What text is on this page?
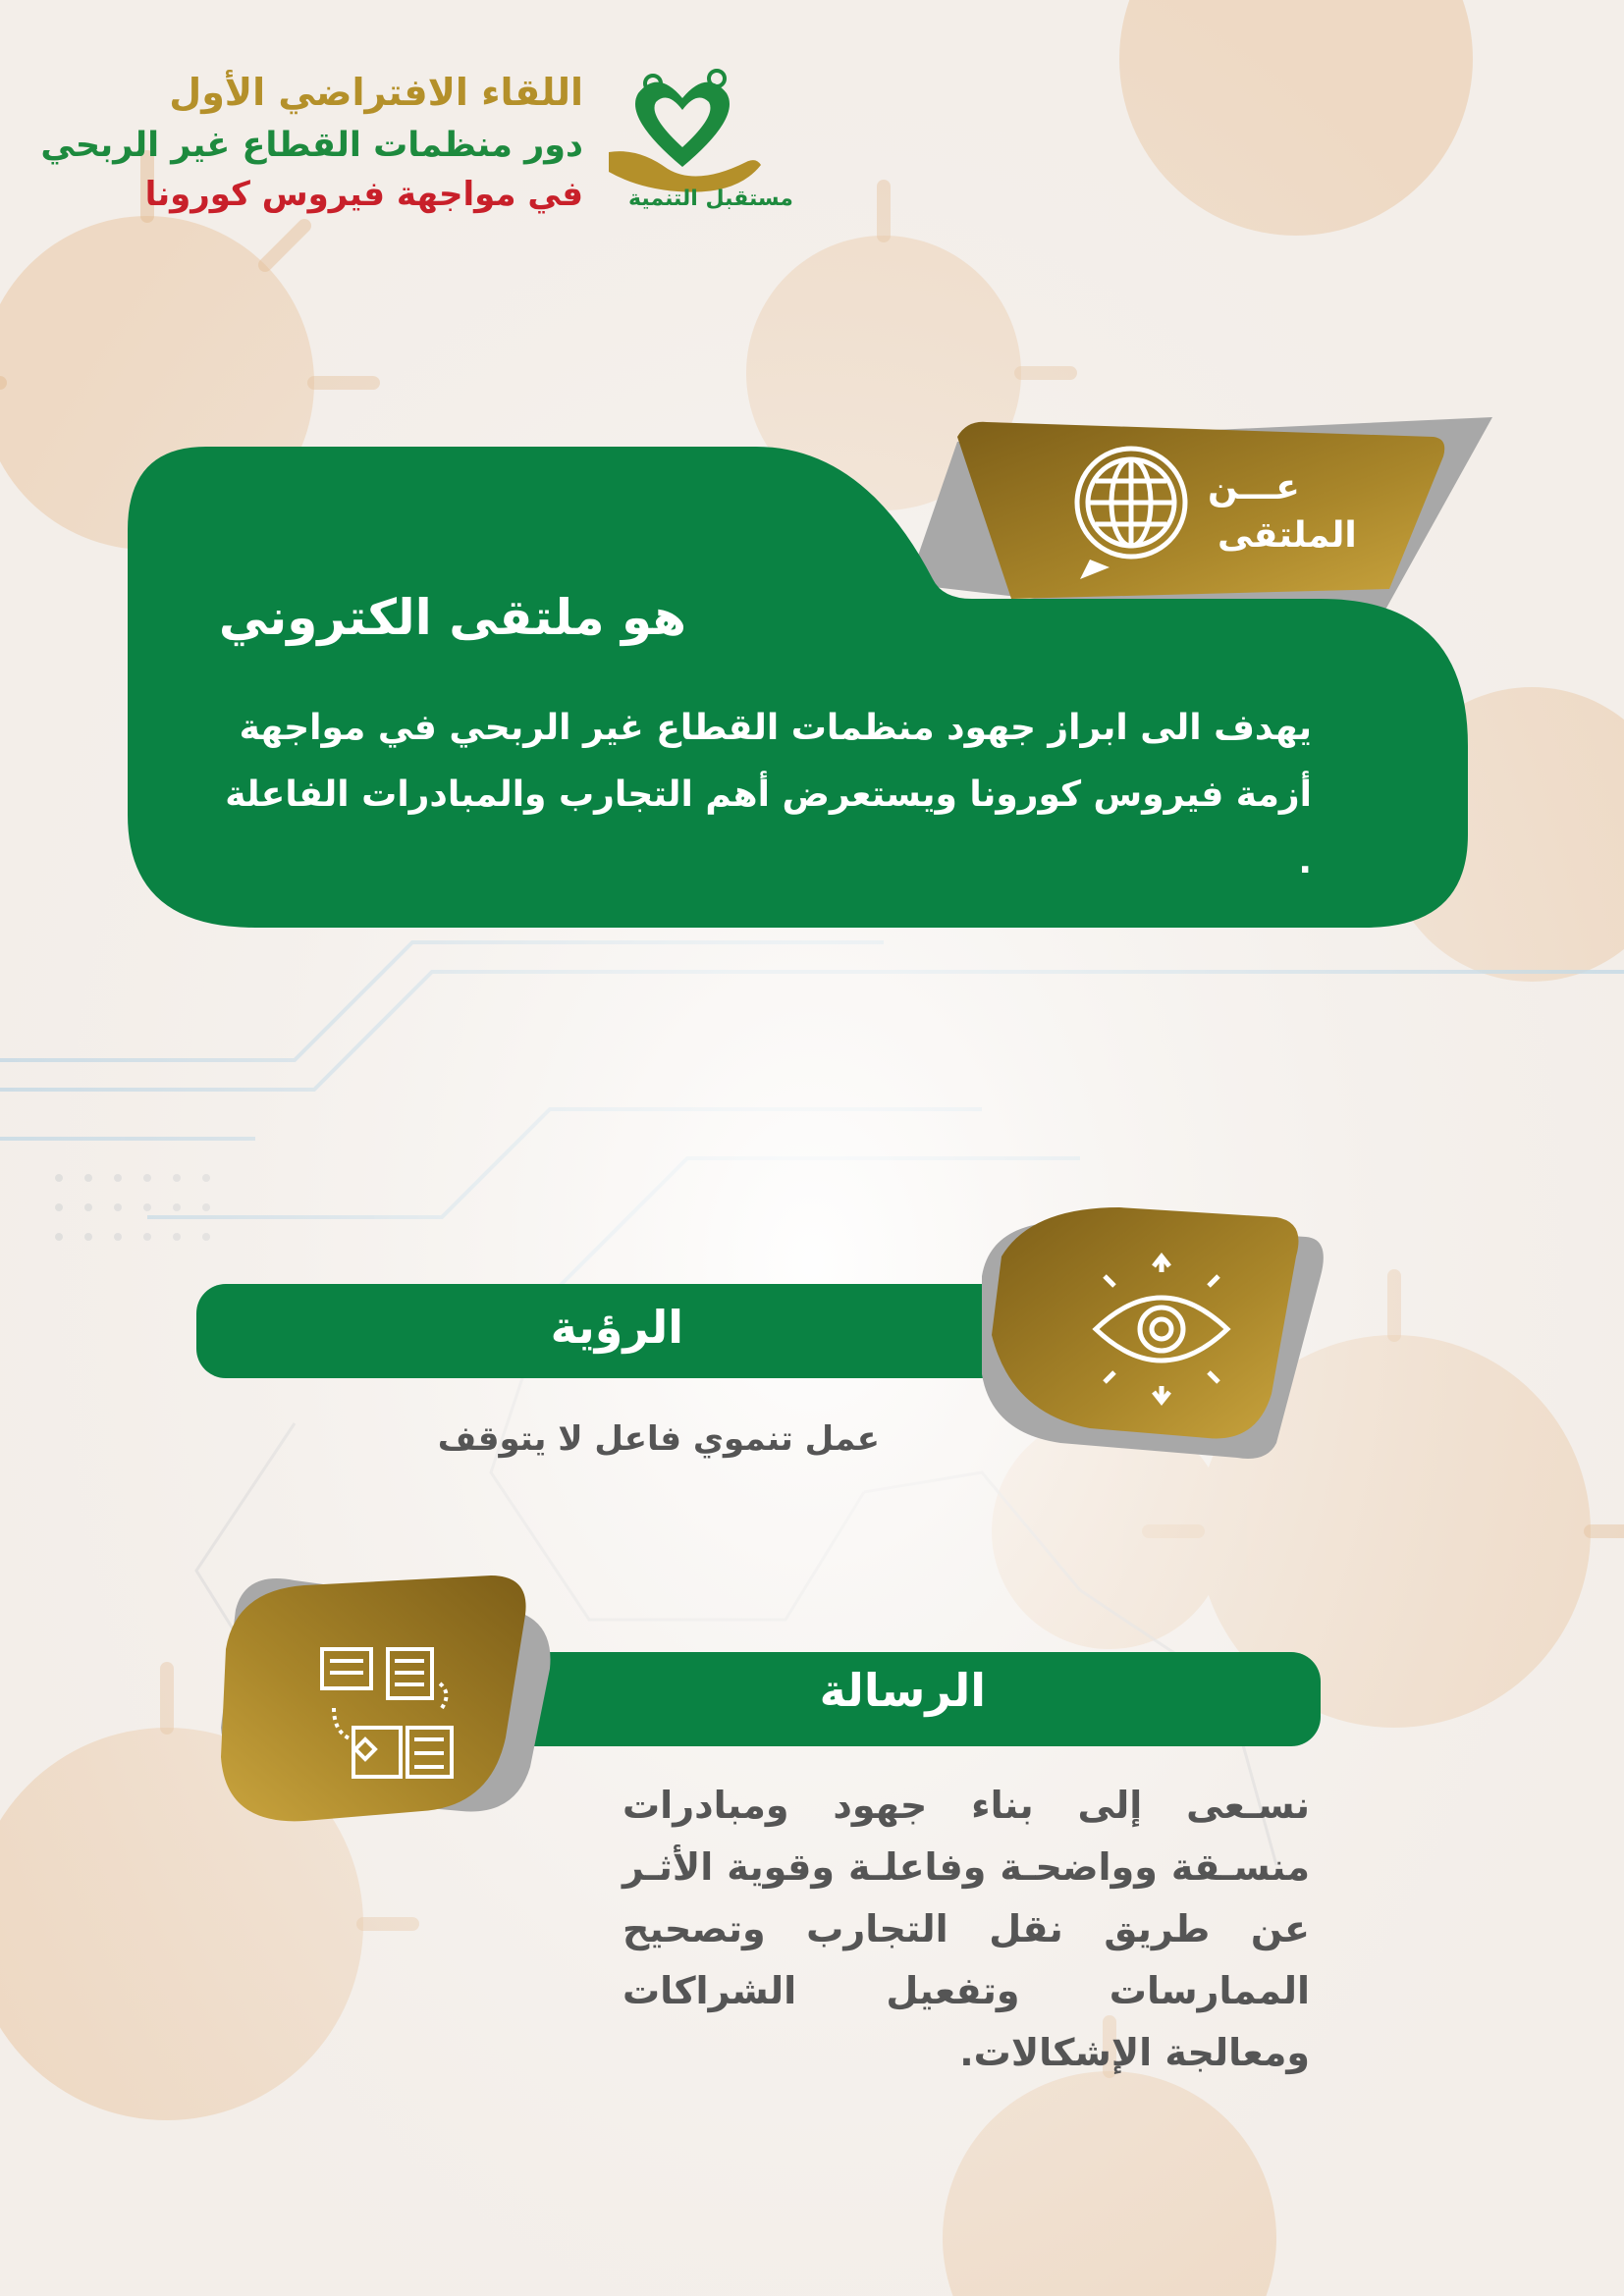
اللقاء الافتراضي الأول
دور منظمات القطاع غير الربحي
في مواجهة فيروس كورونا مستقبل التنمية
عـــن
الملتقى
هو ملتقى الكتروني
يهدف الى ابراز جهود منظمات القطاع غير الربحي في مواجهة أزمة فيروس كورونا ويستعرض أهم التجارب والمبادرات الفاعلة .
الرؤية
عمل تنموي فاعل لا يتوقف
الرسالة
نسـعى إلى بناء جهود ومبادرات منسـقة وواضحـة وفاعلـة وقوية الأثـر عن طريق نقل التجارب وتصحيح الممارسات وتفعيل الشراكات ومعالجة الإشكالات.
